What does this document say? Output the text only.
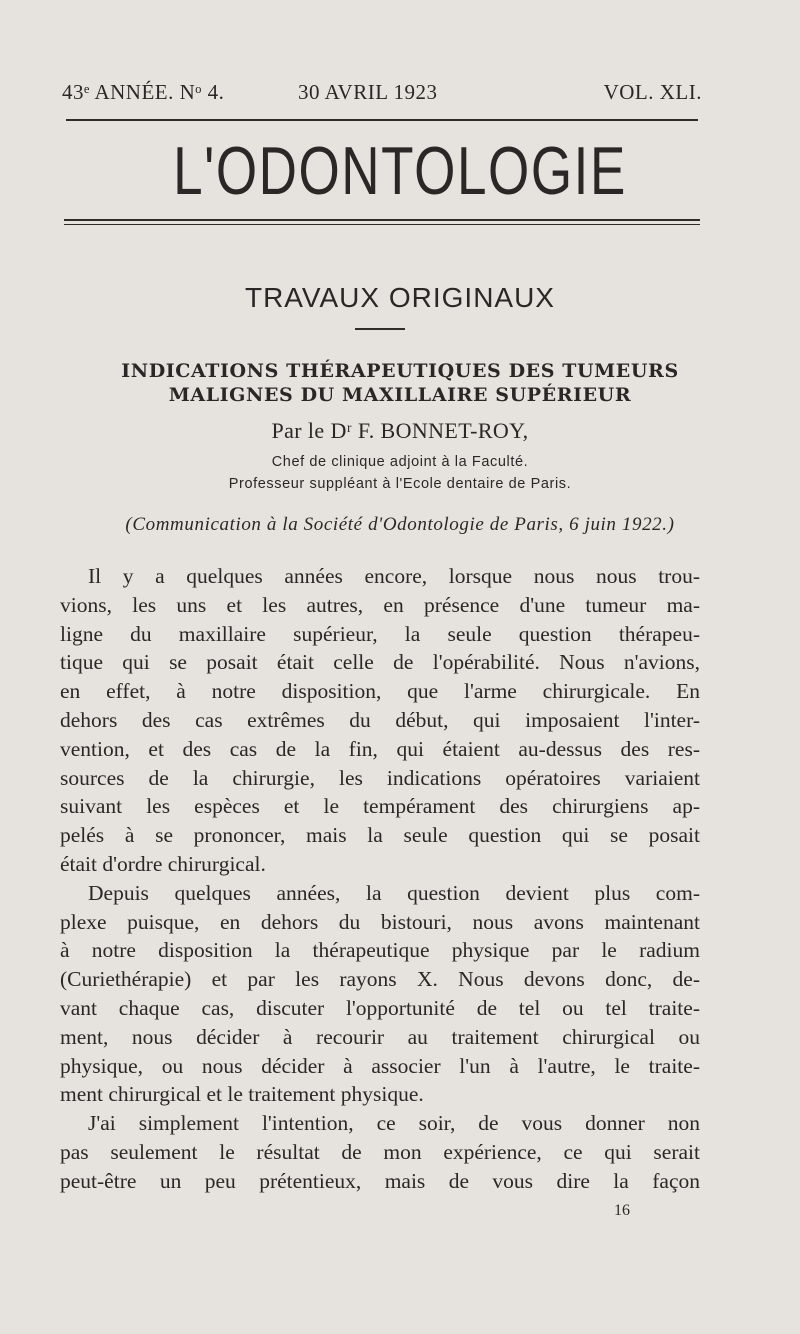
43ᵉ ANNÉE. Nᵒ 4.	30 AVRIL 1923	VOL. XLI.
L'ODONTOLOGIE
TRAVAUX ORIGINAUX
INDICATIONS THÉRAPEUTIQUES DES TUMEURS
MALIGNES DU MAXILLAIRE SUPÉRIEUR
Par le Dʳ F. BONNET-ROY,
Chef de clinique adjoint à la Faculté.
Professeur suppléant à l'Ecole dentaire de Paris.
(Communication à la Société d'Odontologie de Paris, 6 juin 1922.)

Il y a quelques années encore, lorsque nous nous trou-

vions, les uns et les autres, en présence d'une tumeur ma-

ligne du maxillaire supérieur, la seule question thérapeu-

tique qui se posait était celle de l'opérabilité. Nous n'avions,

en effet, à notre disposition, que l'arme chirurgicale. En

dehors des cas extrêmes du début, qui imposaient l'inter-

vention, et des cas de la fin, qui étaient au-dessus des res-

sources de la chirurgie, les indications opératoires variaient

suivant les espèces et le tempérament des chirurgiens ap-

pelés à se prononcer, mais la seule question qui se posait

était d'ordre chirurgical.

Depuis quelques années, la question devient plus com-

plexe puisque, en dehors du bistouri, nous avons maintenant

à notre disposition la thérapeutique physique par le radium

(Curiethérapie) et par les rayons X. Nous devons donc, de-

vant chaque cas, discuter l'opportunité de tel ou tel traite-

ment, nous décider à recourir au traitement chirurgical ou

physique, ou nous décider à associer l'un à l'autre, le traite-

ment chirurgical et le traitement physique.

J'ai simplement l'intention, ce soir, de vous donner non

pas seulement le résultat de mon expérience, ce qui serait

peut-être un peu prétentieux, mais de vous dire la façon

16
